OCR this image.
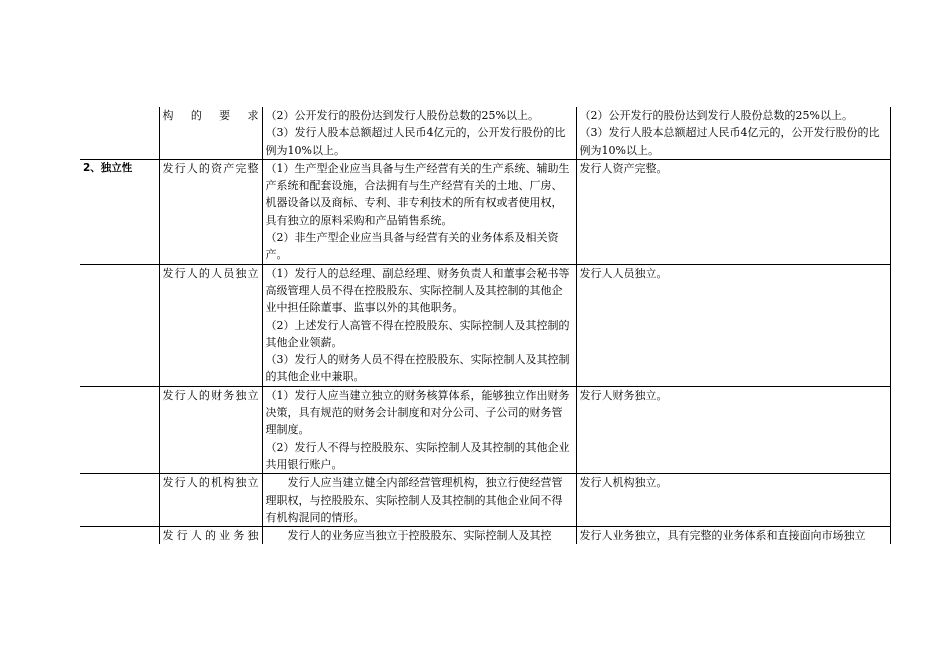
	构的要求	（2）公开发行的股份达到发行人股份总数的25%以上。
（3）发行人股本总额超过人民币4亿元的，公开发行股份的比例为10%以上。	（2）公开发行的股份达到发行人股份总数的25%以上。
（3）发行人股本总额超过人民币4亿元的，公开发行股份的比例为10%以上。

2、独立性	发行人的资产完整	（1）生产型企业应当具备与生产经营有关的生产系统、辅助生产系统和配套设施，合法拥有与生产经营有关的土地、厂房、机器设备以及商标、专利、非专利技术的所有权或者使用权，具有独立的原料采购和产品销售系统。
（2）非生产型企业应当具备与经营有关的业务体系及相关资产。	发行人资产完整。

	发行人的人员独立	（1）发行人的总经理、副总经理、财务负责人和董事会秘书等高级管理人员不得在控股股东、实际控制人及其控制的其他企业中担任除董事、监事以外的其他职务。
（2）上述发行人高管不得在控股股东、实际控制人及其控制的其他企业领薪。
（3）发行人的财务人员不得在控股股东、实际控制人及其控制的其他企业中兼职。	发行人人员独立。

	发行人的财务独立	（1）发行人应当建立独立的财务核算体系，能够独立作出财务决策，具有规范的财务会计制度和对分公司、子公司的财务管理制度。
（2）发行人不得与控股股东、实际控制人及其控制的其他企业共用银行账户。	发行人财务独立。

	发行人的机构独立	发行人应当建立健全内部经营管理机构，独立行使经营管理职权，与控股股东、实际控制人及其控制的其他企业间不得有机构混同的情形。	发行人机构独立。

	发行人的业务独	发行人的业务应当独立于控股股东、实际控制人及其控	发行人业务独立，具有完整的业务体系和直接面向市场独立
